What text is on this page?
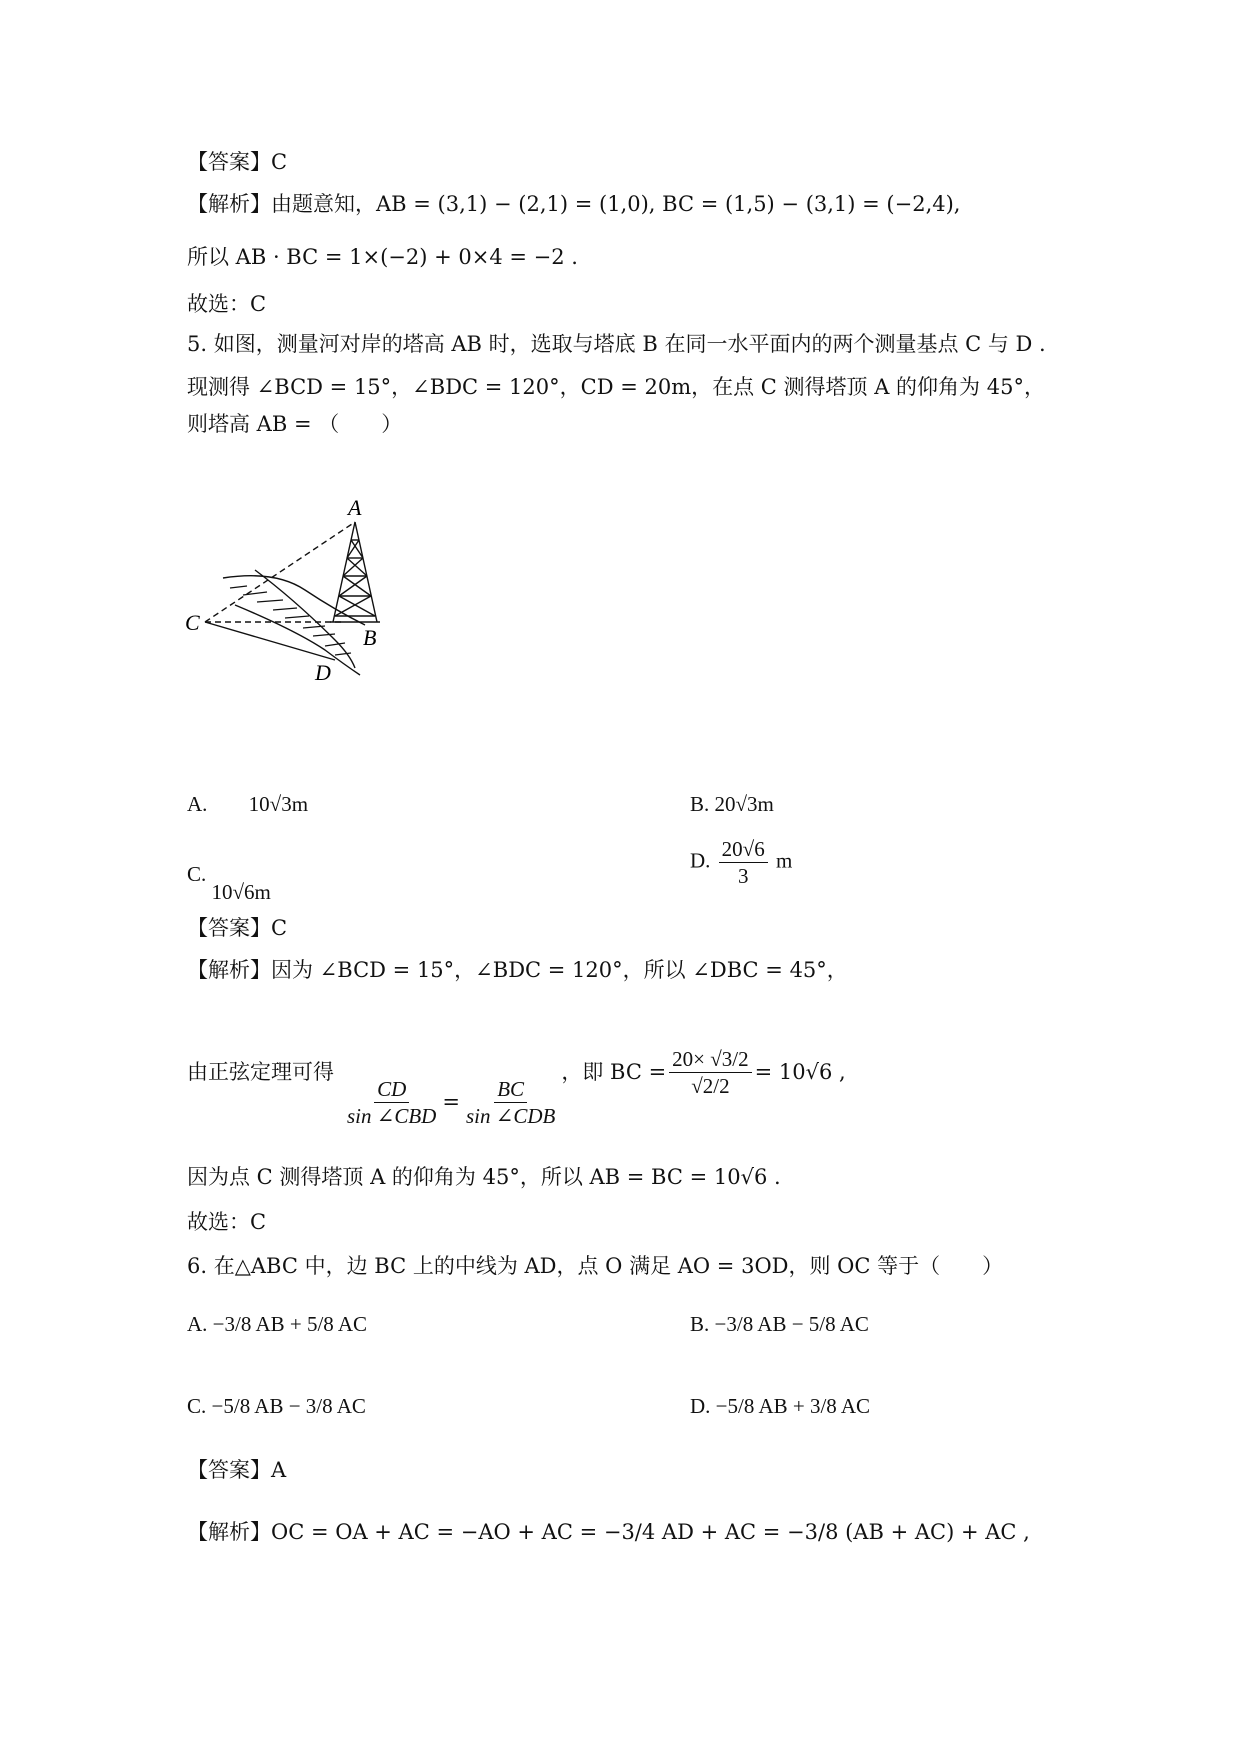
【答案】C
【解析】由题意知，AB = (3,1) − (2,1) = (1,0), BC = (1,5) − (3,1) = (−2,4),
所以 AB · BC = 1×(−2) + 0×4 = −2 .
故选：C
5. 如图，测量河对岸的塔高 AB 时，选取与塔底 B 在同一水平面内的两个测量基点 C 与 D .
现测得 ∠BCD = 15°，∠BDC = 120°，CD = 20m，在点 C 测得塔顶 A 的仰角为 45°，
则塔高 AB = （　　）
A
B
C
D
A. 10√3m	B. 20√3m
C. 10√6m
D. $\frac{20√6}{3}$ m
【答案】C
【解析】因为 ∠BCD = 15°，∠BDC = 120°，所以 ∠DBC = 45°，
由正弦定理可得
$\frac{CD}{\text{sin ∠CBD}} = \frac{BC}{\text{sin ∠CDB}}$
，即 BC = $\frac{20\times √3/2}{√2/2} = 10√6$ ,
因为点 C 测得塔顶 A 的仰角为 45°，所以 AB = BC = 10√6 .
故选：C
6. 在△ABC 中，边 BC 上的中线为 AD，点 O 满足 AO = 3OD，则 OC 等于（　　）
A. −3/8 AB + 5/8 AC	B. −3/8 AB − 5/8 AC
C. −5/8 AB − 3/8 AC	D. −5/8 AB + 3/8 AC
【答案】A
【解析】OC = OA + AC = −AO + AC = −3/4 AD + AC = −3/8 (AB + AC) + AC ,
